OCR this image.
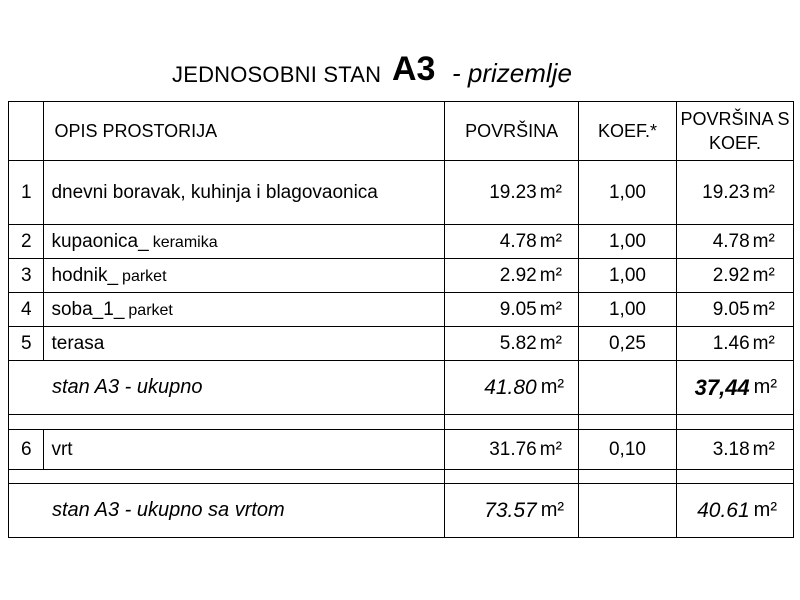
JEDNOSOBNI STAN A3 - prizemlje
	OPIS PROSTORIJA	POVRŠINA		KOEF.*	POVRŠINA S
KOEF.	

1	dnevni boravak, kuhinja i blagovaonica	19.23	m²	1,00	19.23	m²
2	kupaonica_ keramika	4.78	m²	1,00	4.78	m²
3	hodnik_ parket	2.92	m²	1,00	2.92	m²
4	soba_1_ parket	9.05	m²	1,00	9.05	m²
5	terasa	5.82	m²	0,25	1.46	m²
stan A3 - ukupno		41.80	m²		37,44	m²

6	vrt	31.76	m²	0,10	3.18	m²

stan A3 - ukupno sa vrtom		73.57	m²		40.61	m²
